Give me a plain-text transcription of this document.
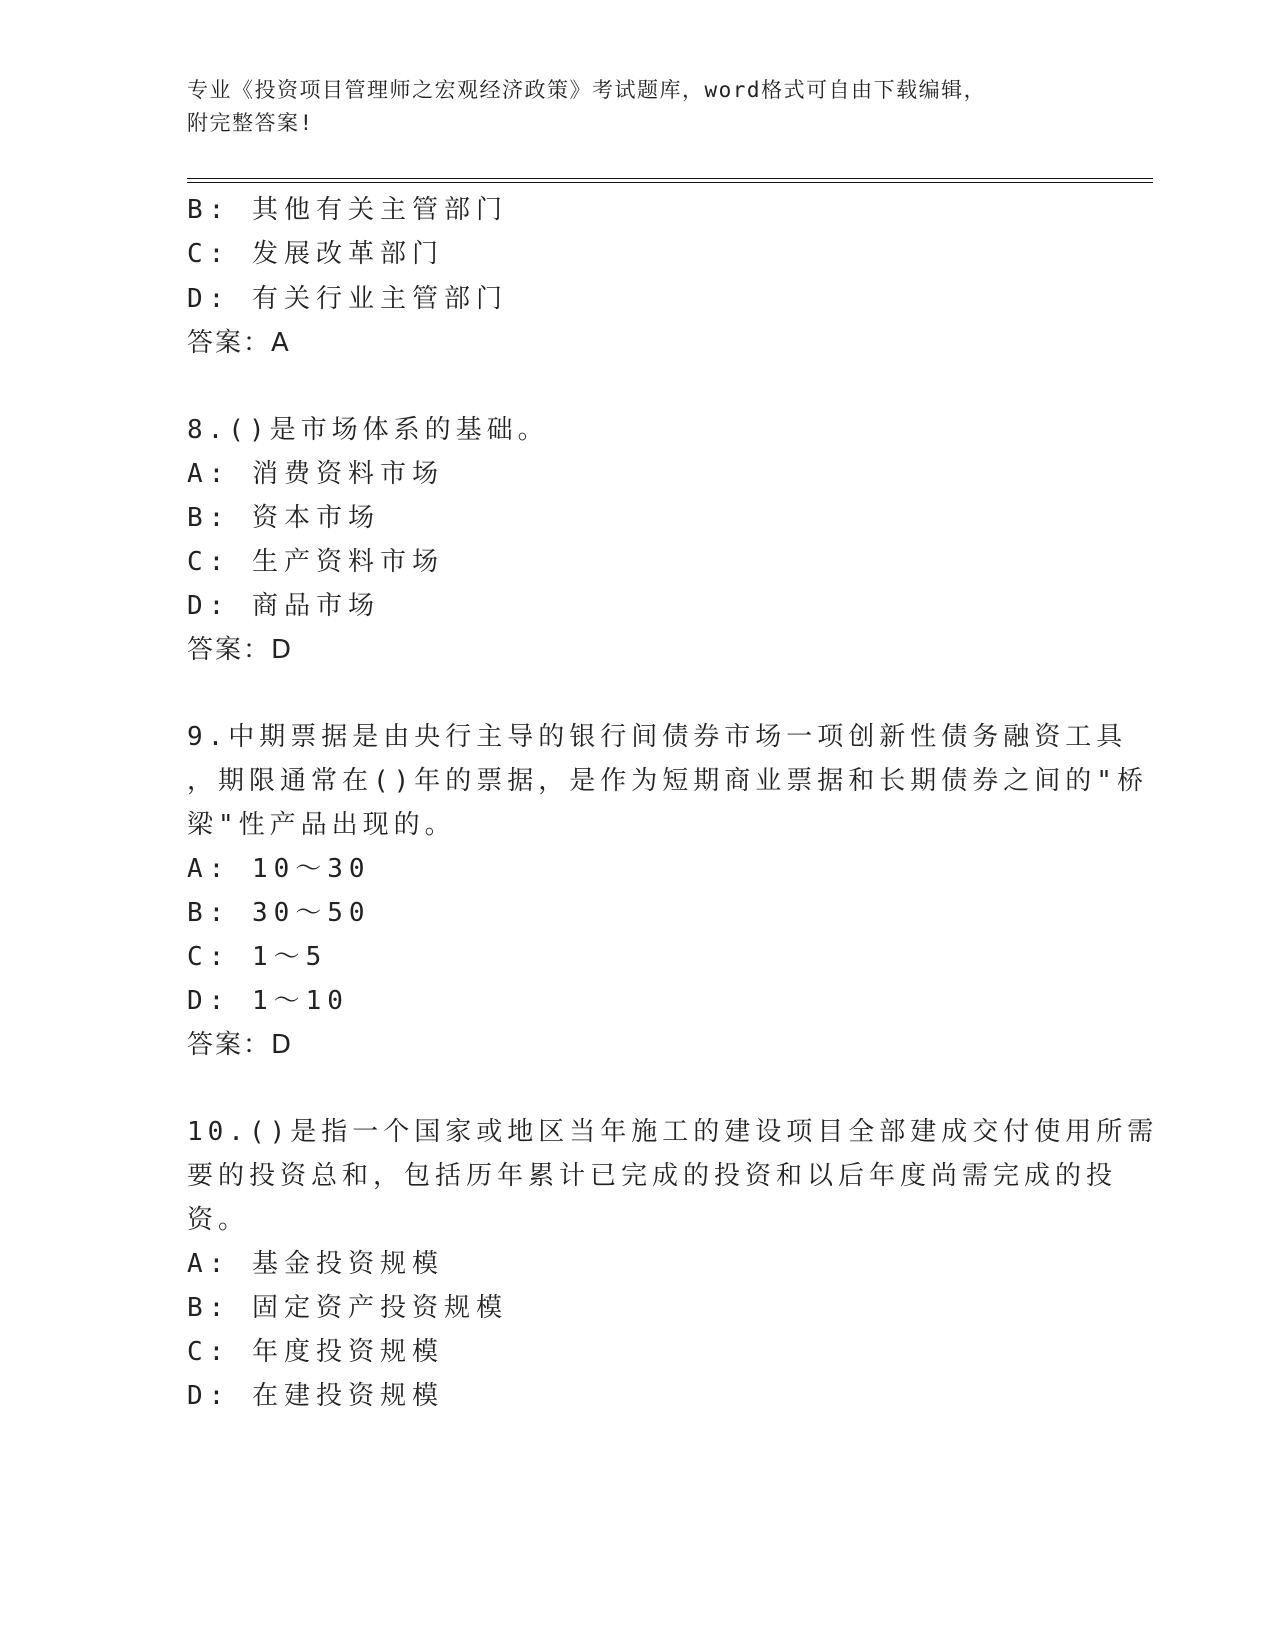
专业《投资项目管理师之宏观经济政策》考试题库，word格式可自由下载编辑，
附完整答案!
B: 其他有关主管部门
C: 发展改革部门
D: 有关行业主管部门
答案：A
8.()是市场体系的基础。
A: 消费资料市场
B: 资本市场
C: 生产资料市场
D: 商品市场
答案：D
9.中期票据是由央行主导的银行间债券市场一项创新性债务融资工具
，期限通常在()年的票据，是作为短期商业票据和长期债券之间的"桥
梁"性产品出现的。
A: 10～30
B: 30～50
C: 1～5
D: 1～10
答案：D
10.()是指一个国家或地区当年施工的建设项目全部建成交付使用所需
要的投资总和，包括历年累计已完成的投资和以后年度尚需完成的投
资。
A: 基金投资规模
B: 固定资产投资规模
C: 年度投资规模
D: 在建投资规模
